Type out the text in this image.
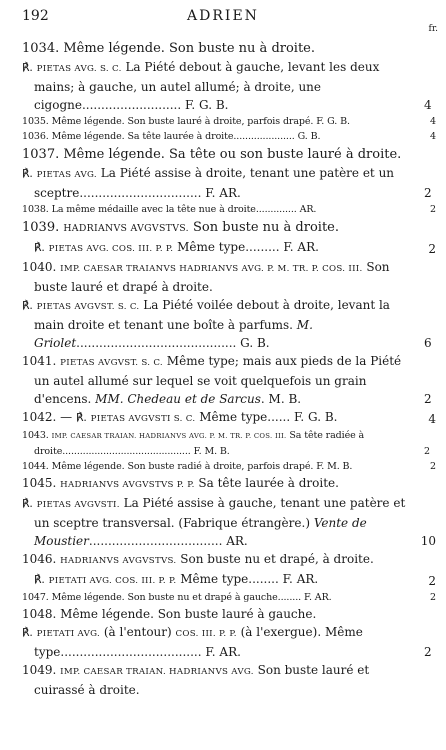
192	ADRIEN
fr.
1034. Même légende. Son buste nu à droite.
℟. PIETAS AVG. S. C. La Piété debout à gauche, levant les deux mains; à gauche, un autel allumé; à droite, une cigogne.......................... F. G. B.	4
1035. Même légende. Son buste lauré à droite, parfois drapé. F. G. B.	4
1036. Même légende. Sa tête laurée à droite..................... G. B.	4
1037. Même légende. Sa tête ou son buste lauré à droite.
℟. PIETAS AVG. La Piété assise à droite, tenant une patère et un sceptre................................ F. AR.	2
1038. La même médaille avec la tête nue à droite.............. AR.	2
1039. HADRIANVS AVGVSTVS. Son buste nu à droite.
℟. PIETAS AVG. COS. III. P. P. Même type......... F. AR.	2
1040. IMP. CAESAR TRAIANVS HADRIANVS AVG. P. M. TR. P. COS. III. Son buste lauré et drapé à droite.
℟. PIETAS AVGVST. S. C. La Piété voilée debout à droite, levant la main droite et tenant une boîte à parfums. M. Griolet.......................................... G. B.	6
1041. PIETAS AVGVST. S. C. Même type; mais aux pieds de la Piété un autel allumé sur lequel se voit quelquefois un grain d'encens. MM. Chedeau et de Sarcus. M. B.	2
1042. — ℟. PIETAS AVGVSTI S. C. Même type...... F. G. B.	4
1043. IMP. CAESAR TRAIAN. HADRIANVS AVG. P. M. TR. P. COS. III. Sa tête radiée à droite............................................ F. M. B.	2
1044. Même légende. Son buste radié à droite, parfois drapé. F. M. B.	2
1045. HADRIANVS AVGVSTVS P. P. Sa tête laurée à droite.
℟. PIETAS AVGVSTI. La Piété assise à gauche, tenant une patère et un sceptre transversal. (Fabrique étrangère.) Vente de Moustier................................... AR.	10
1046. HADRIANVS AVGVSTVS. Son buste nu et drapé, à droite.
℟. PIETATI AVG. COS. III. P. P. Même type........ F. AR.	2
1047. Même légende. Son buste nu et drapé à gauche........ F. AR.	2
1048. Même légende. Son buste lauré à gauche.
℟. PIETATI AVG. (à l'entour) COS. III. P. P. (à l'exergue). Même type..................................... F. AR.	2
1049. IMP. CAESAR TRAIAN. HADRIANVS AVG. Son buste lauré et cuirassé à droite.
